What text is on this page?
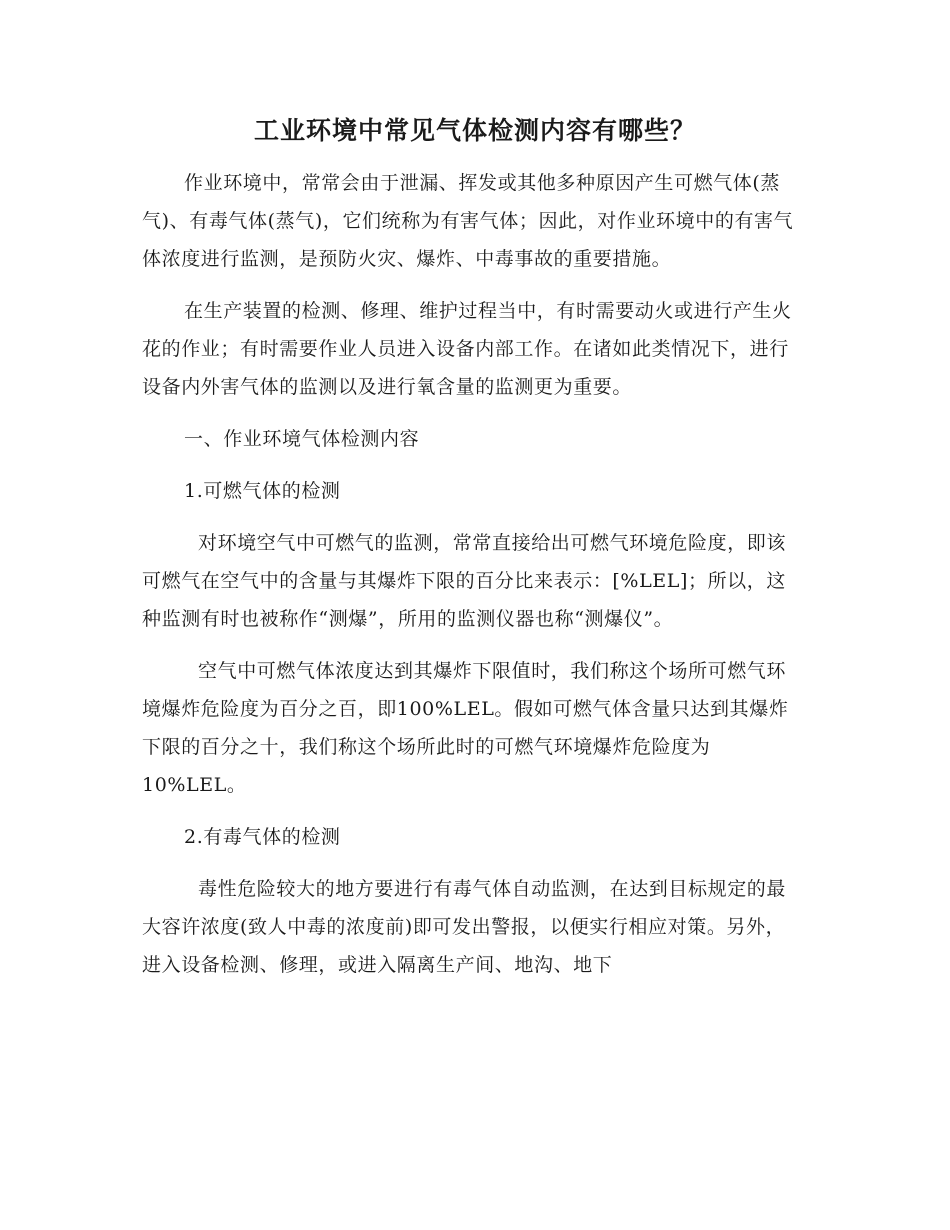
工业环境中常见气体检测内容有哪些？

作业环境中，常常会由于泄漏、挥发或其他多种原因产生可燃气体(蒸气)、有毒气体(蒸气)，它们统称为有害气体；因此，对作业环境中的有害气体浓度进行监测，是预防火灾、爆炸、中毒事故的重要措施。

在生产装置的检测、修理、维护过程当中，有时需要动火或进行产生火花的作业；有时需要作业人员进入设备内部工作。在诸如此类情况下，进行设备内外害气体的监测以及进行氧含量的监测更为重要。

一、作业环境气体检测内容

1.可燃气体的检测

对环境空气中可燃气的监测，常常直接给出可燃气环境危险度，即该可燃气在空气中的含量与其爆炸下限的百分比来表示：[%LEL]；所以，这种监测有时也被称作“测爆”，所用的监测仪器也称“测爆仪”。

空气中可燃气体浓度达到其爆炸下限值时，我们称这个场所可燃气环境爆炸危险度为百分之百，即100%LEL。假如可燃气体含量只达到其爆炸下限的百分之十，我们称这个场所此时的可燃气环境爆炸危险度为10%LEL。

2.有毒气体的检测

毒性危险较大的地方要进行有毒气体自动监测，在达到目标规定的最大容许浓度(致人中毒的浓度前)即可发出警报，以便实行相应对策。另外，进入设备检测、修理，或进入隔离生产间、地沟、地下
